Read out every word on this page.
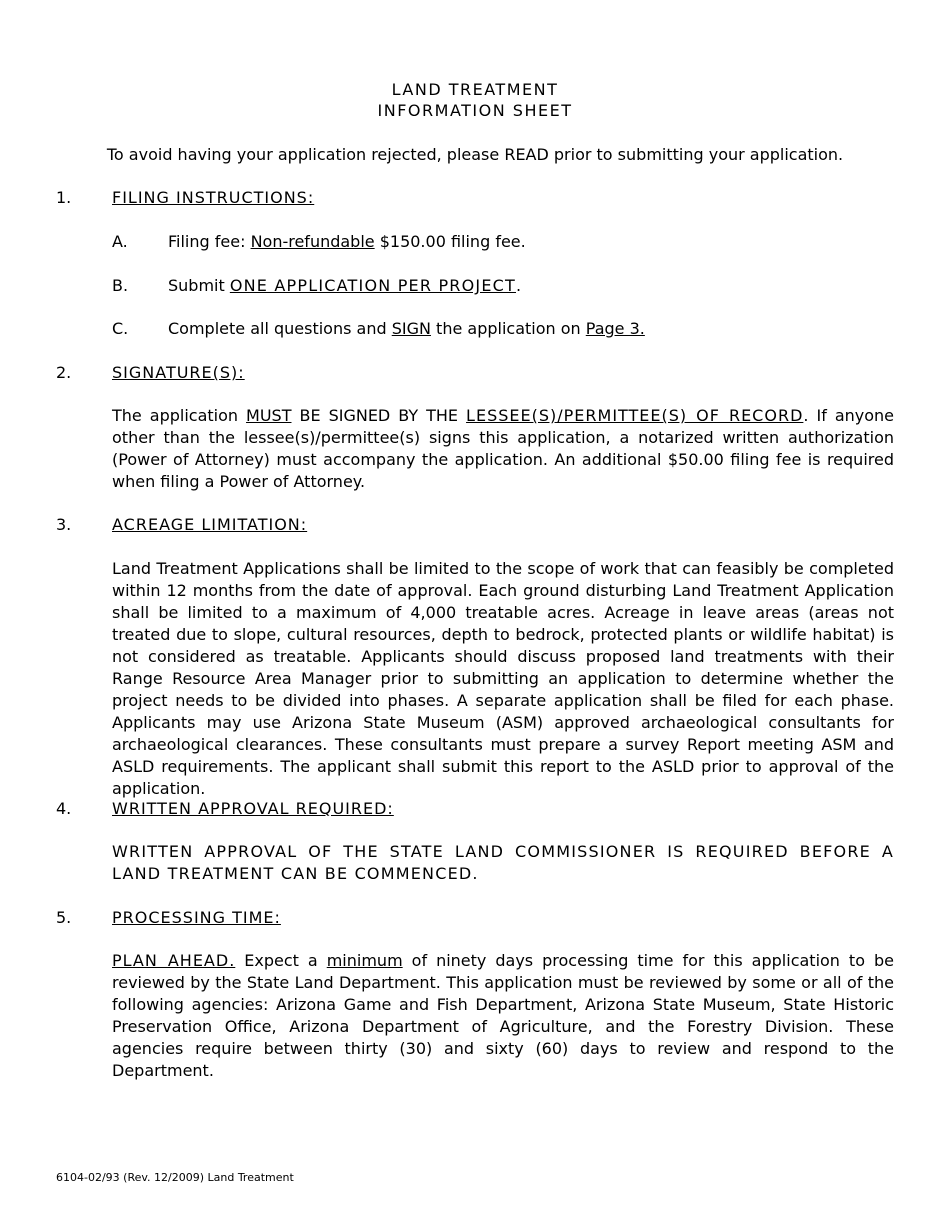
LAND TREATMENT
INFORMATION SHEET
To avoid having your application rejected, please READ prior to submitting your application.
1.	FILING INSTRUCTIONS:
A.	Filing fee: Non-refundable $150.00 filing fee.
B. Submit ONE APPLICATION PER PROJECT.
C. Complete all questions and SIGN the application on Page 3.
2.	SIGNATURE(S):
The application MUST BE SIGNED BY THE LESSEE(S)/PERMITTEE(S) OF RECORD. If anyone other than the lessee(s)/permittee(s) signs this application, a notarized written authorization (Power of Attorney) must accompany the application. An additional $50.00 filing fee is required when filing a Power of Attorney.
3.	ACREAGE LIMITATION:
Land Treatment Applications shall be limited to the scope of work that can feasibly be completed within 12 months from the date of approval. Each ground disturbing Land Treatment Application shall be limited to a maximum of 4,000 treatable acres. Acreage in leave areas (areas not treated due to slope, cultural resources, depth to bedrock, protected plants or wildlife habitat) is not considered as treatable. Applicants should discuss proposed land treatments with their Range Resource Area Manager prior to submitting an application to determine whether the project needs to be divided into phases. A separate application shall be filed for each phase. Applicants may use Arizona State Museum (ASM) approved archaeological consultants for archaeological clearances. These consultants must prepare a survey Report meeting ASM and ASLD requirements. The applicant shall submit this report to the ASLD prior to approval of the application.
4.	WRITTEN APPROVAL REQUIRED:
WRITTEN APPROVAL OF THE STATE LAND COMMISSIONER IS REQUIRED BEFORE A LAND TREATMENT CAN BE COMMENCED.
5.	PROCESSING TIME:
PLAN AHEAD. Expect a minimum of ninety days processing time for this application to be reviewed by the State Land Department. This application must be reviewed by some or all of the following agencies: Arizona Game and Fish Department, Arizona State Museum, State Historic Preservation Office, Arizona Department of Agriculture, and the Forestry Division. These agencies require between thirty (30) and sixty (60) days to review and respond to the Department.
6104-02/93 (Rev. 12/2009) Land Treatment
